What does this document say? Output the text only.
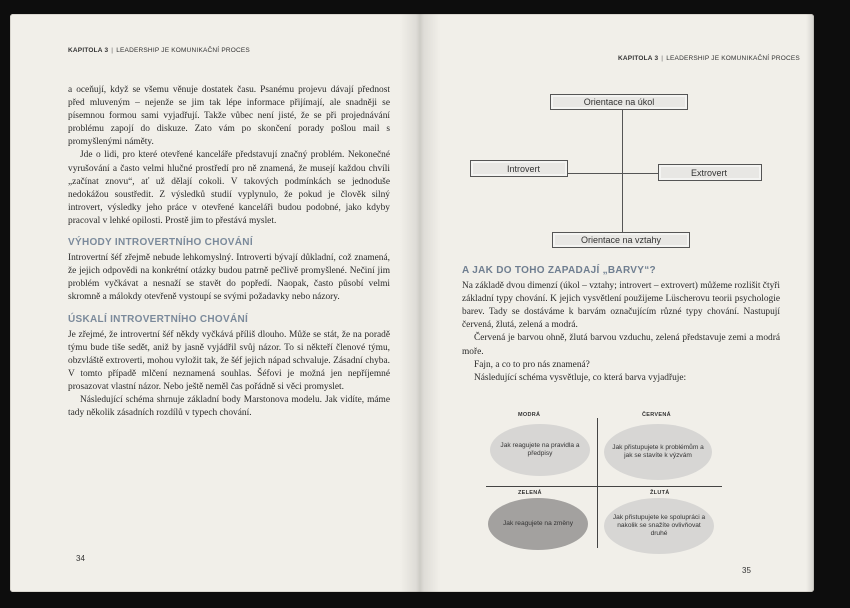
KAPITOLA 3 | LEADERSHIP JE KOMUNIKAČNÍ PROCES

a oceňují, když se všemu věnuje dostatek času. Psanému projevu dávají přednost před mluveným – nejenže se jim tak lépe informace přijímají, ale snadněji se písemnou formou sami vyjadřují. Takže vůbec není jisté, že se při projednávání problému zapojí do diskuze. Zato vám po skončení porady pošlou mail s promyšlenými náměty.

Jde o lidi, pro které otevřené kanceláře představují značný problém. Nekonečné vyrušování a často velmi hlučné prostředí pro ně znamená, že musejí každou chvíli „začínat znovu“, ať už dělají cokoli. V takových podmínkách se jednoduše nedokážou soustředit. Z výsledků studií vyplynulo, že pokud je člověk silný introvert, výsledky jeho práce v otevřené kanceláři budou podobné, jako kdyby pracoval v lehké opilosti. Prostě jim to přestává myslet.

VÝHODY INTROVERTNÍHO CHOVÁNÍ

Introvertní šéf zřejmě nebude lehkomyslný. Introverti bývají důkladní, což znamená, že jejich odpovědi na konkrétní otázky budou patrně pečlivě promyšlené. Nečiní jim problém vyčkávat a nesnaží se stavět do popředí. Naopak, často působí velmi skromně a málokdy otevřeně vystoupí se svými požadavky nebo názory.

ÚSKALÍ INTROVERTNÍHO CHOVÁNÍ

Je zřejmé, že introvertní šéf někdy vyčkává příliš dlouho. Může se stát, že na poradě týmu bude tiše sedět, aniž by jasně vyjádřil svůj názor. To si někteří členové týmu, obzvláště extroverti, mohou vyložit tak, že šéf jejich nápad schvaluje. Zásadní chyba. V tomto případě mlčení neznamená souhlas. Šéfovi je možná jen nepříjemné prosazovat vlastní názor. Nebo ještě neměl čas pořádně si věci promyslet.

Následující schéma shrnuje základní body Marstonova modelu. Jak vidíte, máme tady několik zásadních rozdílů v typech chování.

34
KAPITOLA 3 | LEADERSHIP JE KOMUNIKAČNÍ PROCES
Orientace na úkol
Introvert	Extrovert
Orientace na vztahy
A JAK DO TOHO ZAPADAJÍ „BARVY“?

Na základě dvou dimenzí (úkol – vztahy; introvert – extrovert) můžeme rozlišit čtyři základní typy chování. K jejich vysvětlení použijeme Lüscherovu teorii psychologie barev. Tady se dostáváme k barvám označujícím různé typy chování. Nastupují červená, žlutá, zelená a modrá.

Červená je barvou ohně, žlutá barvou vzduchu, zelená představuje zemi a modrá moře.

Fajn, a co to pro nás znamená?

Následující schéma vysvětluje, co která barva vyjadřuje:

MODRÁ
Jak reagujete na pravidla a předpisy
ČERVENÁ
Jak přistupujete k problémům a jak se stavíte k výzvám
ZELENÁ
Jak reagujete na změny
ŽLUTÁ
Jak přistupujete ke spolupráci a nakolik se snažíte ovlivňovat druhé
35
